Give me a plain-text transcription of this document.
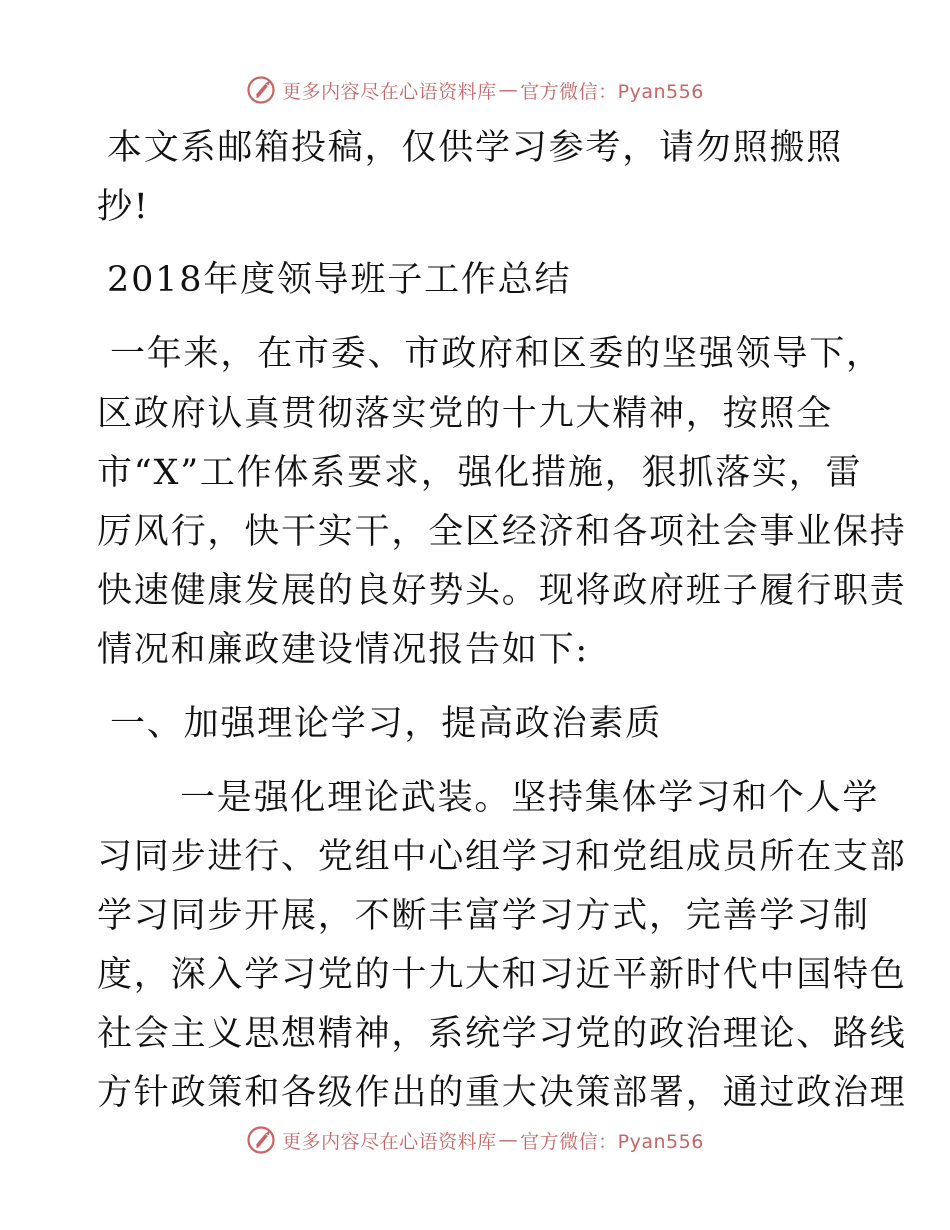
更多内容尽在心语资料库 — 官方微信：Pyan556
本文系邮箱投稿，仅供学习参考，请勿照搬照
抄!
2018年度领导班子工作总结
一年来，在市委、市政府和区委的坚强领导下，
区政府认真贯彻落实党的十九大精神，按照全
市“X”工作体系要求，强化措施，狠抓落实，雷
厉风行，快干实干，全区经济和各项社会事业保持
快速健康发展的良好势头。现将政府班子履行职责
情况和廉政建设情况报告如下:
一、加强理论学习，提高政治素质
一是强化理论武装。坚持集体学习和个人学
习同步进行、党组中心组学习和党组成员所在支部
学习同步开展，不断丰富学习方式，完善学习制
度，深入学习党的十九大和习近平新时代中国特色
社会主义思想精神，系统学习党的政治理论、路线
方针政策和各级作出的重大决策部署，通过政治理
更多内容尽在心语资料库 — 官方微信：Pyan556
